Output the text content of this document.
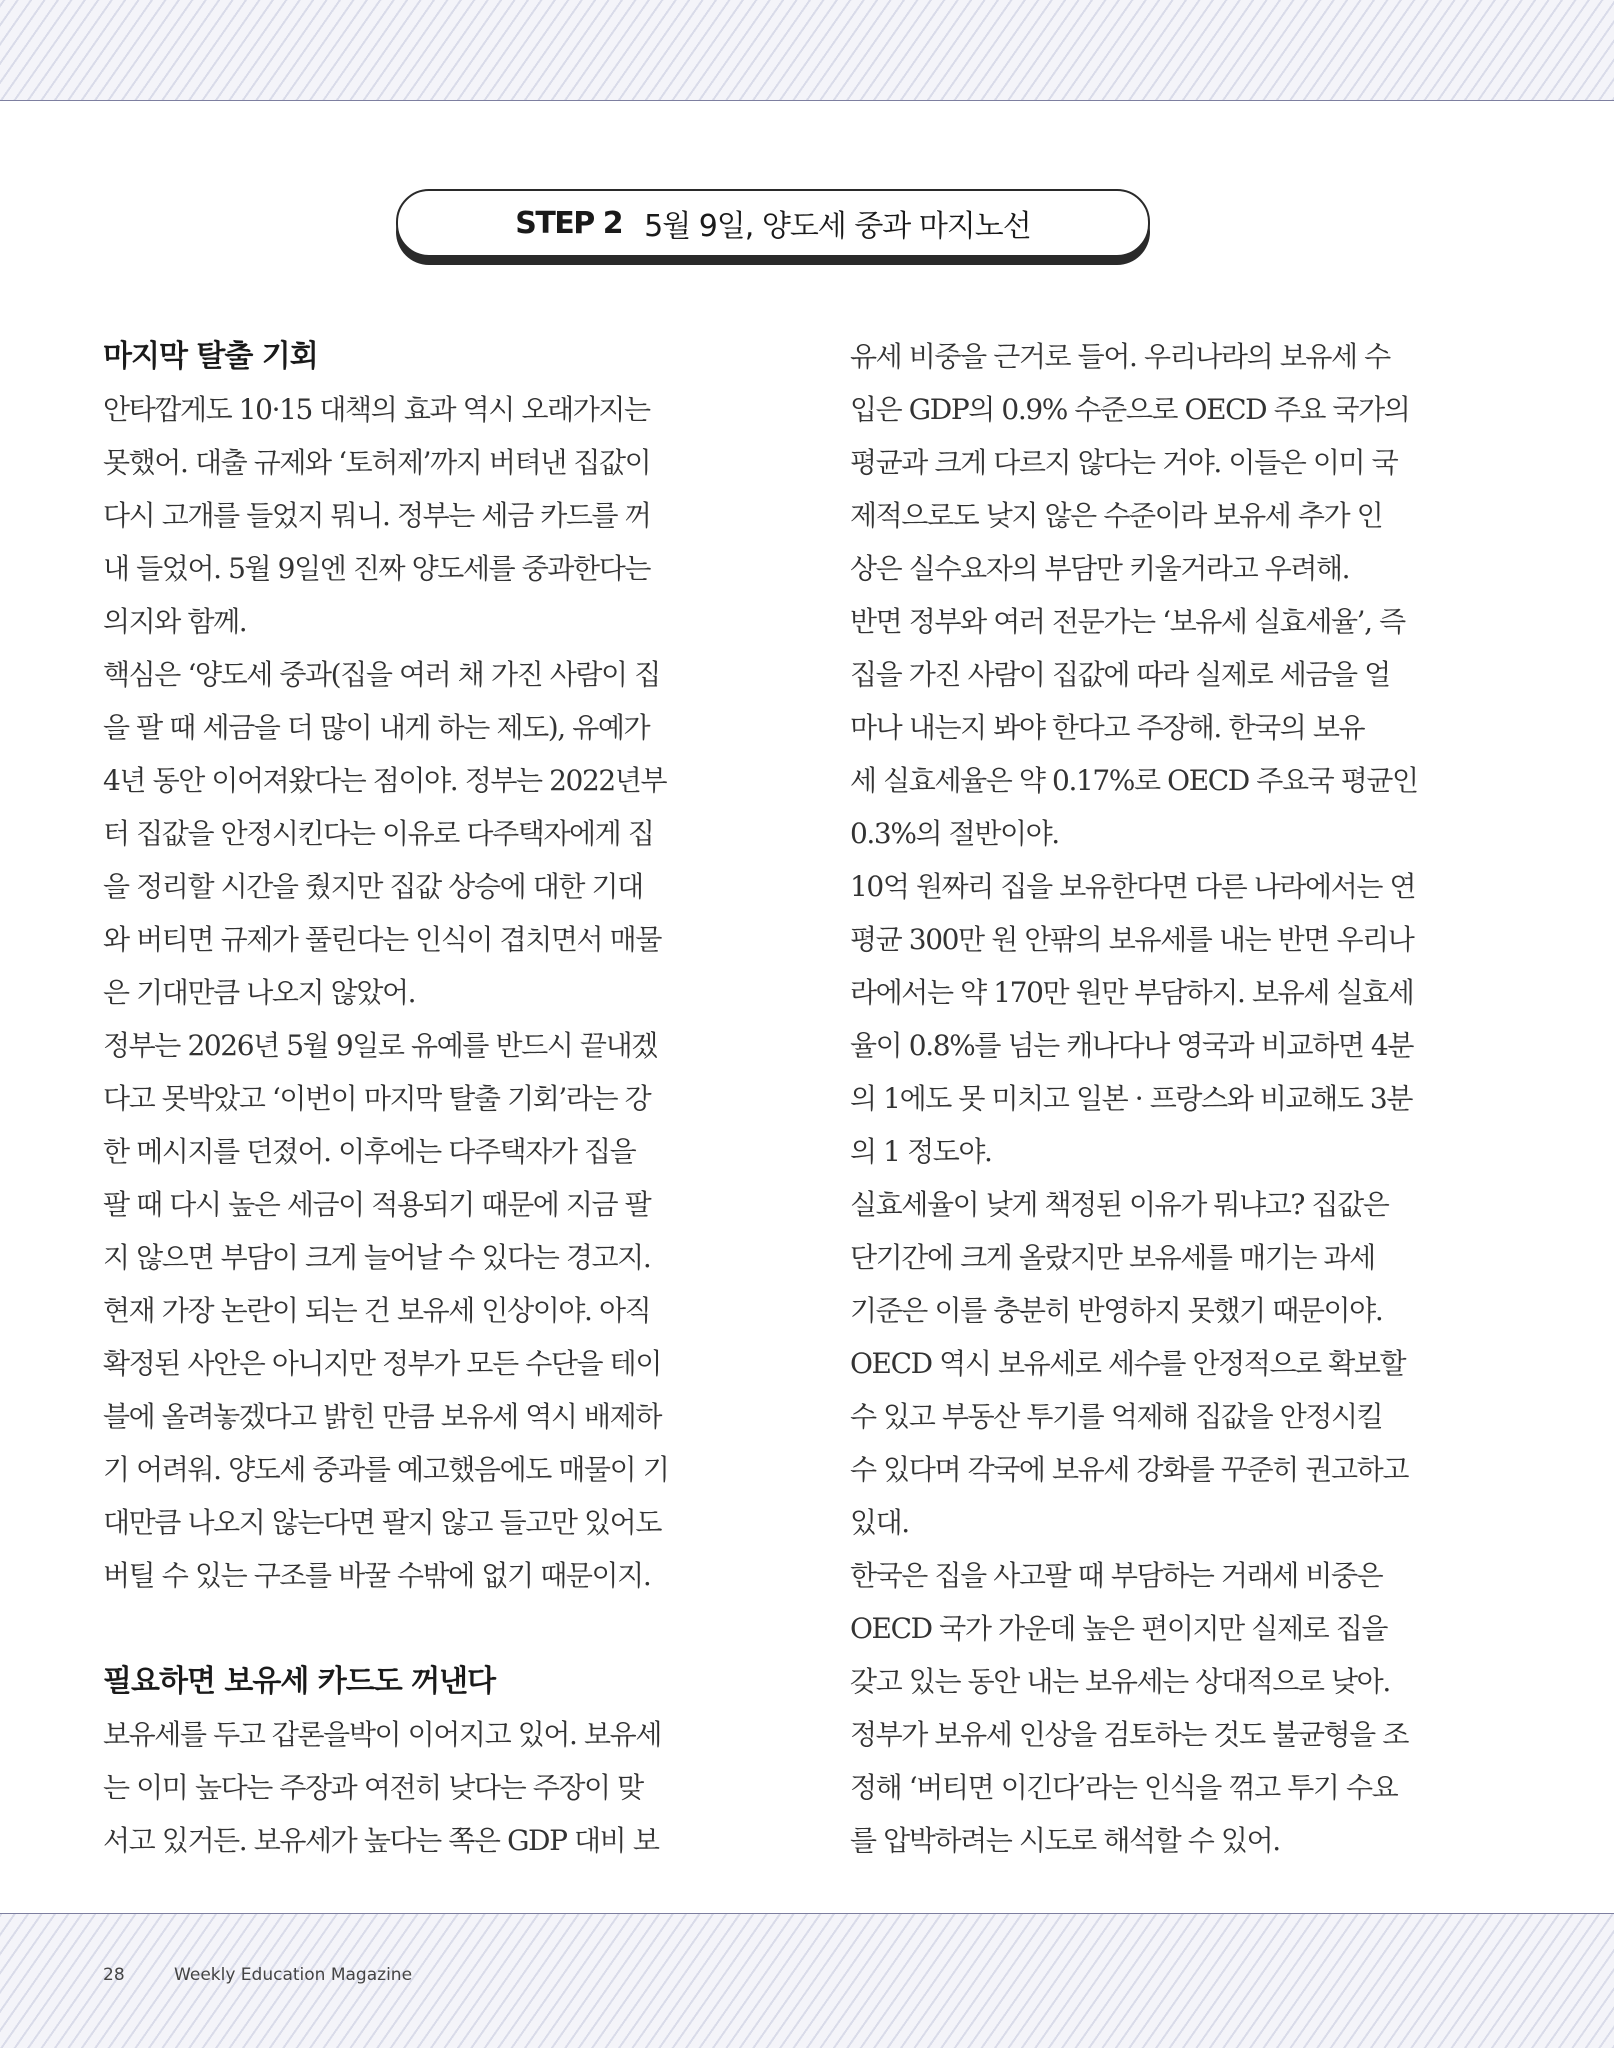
STEP 2 5월 9일, 양도세 중과 마지노선
마지막 탈출 기회

안타깝게도 10·15 대책의 효과 역시 오래가지는
못했어. 대출 규제와 ‘토허제’까지 버텨낸 집값이
다시 고개를 들었지 뭐니. 정부는 세금 카드를 꺼
내 들었어. 5월 9일엔 진짜 양도세를 중과한다는
의지와 함께.

핵심은 ‘양도세 중과(집을 여러 채 가진 사람이 집
을 팔 때 세금을 더 많이 내게 하는 제도), 유예가
4년 동안 이어져왔다는 점이야. 정부는 2022년부
터 집값을 안정시킨다는 이유로 다주택자에게 집
을 정리할 시간을 줬지만 집값 상승에 대한 기대
와 버티면 규제가 풀린다는 인식이 겹치면서 매물
은 기대만큼 나오지 않았어.

정부는 2026년 5월 9일로 유예를 반드시 끝내겠
다고 못박았고 ‘이번이 마지막 탈출 기회’라는 강
한 메시지를 던졌어. 이후에는 다주택자가 집을
팔 때 다시 높은 세금이 적용되기 때문에 지금 팔
지 않으면 부담이 크게 늘어날 수 있다는 경고지.

현재 가장 논란이 되는 건 보유세 인상이야. 아직
확정된 사안은 아니지만 정부가 모든 수단을 테이
블에 올려놓겠다고 밝힌 만큼 보유세 역시 배제하
기 어려워. 양도세 중과를 예고했음에도 매물이 기
대만큼 나오지 않는다면 팔지 않고 들고만 있어도
버틸 수 있는 구조를 바꿀 수밖에 없기 때문이지.

필요하면 보유세 카드도 꺼낸다

보유세를 두고 갑론을박이 이어지고 있어. 보유세
는 이미 높다는 주장과 여전히 낮다는 주장이 맞
서고 있거든. 보유세가 높다는 쪽은 GDP 대비 보

유세 비중을 근거로 들어. 우리나라의 보유세 수
입은 GDP의 0.9% 수준으로 OECD 주요 국가의
평균과 크게 다르지 않다는 거야. 이들은 이미 국
제적으로도 낮지 않은 수준이라 보유세 추가 인
상은 실수요자의 부담만 키울거라고 우려해.

반면 정부와 여러 전문가는 ‘보유세 실효세율’, 즉
집을 가진 사람이 집값에 따라 실제로 세금을 얼
마나 내는지 봐야 한다고 주장해. 한국의 보유
세 실효세율은 약 0.17%로 OECD 주요국 평균인
0.3%의 절반이야.

10억 원짜리 집을 보유한다면 다른 나라에서는 연
평균 300만 원 안팎의 보유세를 내는 반면 우리나
라에서는 약 170만 원만 부담하지. 보유세 실효세
율이 0.8%를 넘는 캐나다나 영국과 비교하면 4분
의 1에도 못 미치고 일본 · 프랑스와 비교해도 3분
의 1 정도야.

실효세율이 낮게 책정된 이유가 뭐냐고? 집값은
단기간에 크게 올랐지만 보유세를 매기는 과세
기준은 이를 충분히 반영하지 못했기 때문이야.
OECD 역시 보유세로 세수를 안정적으로 확보할
수 있고 부동산 투기를 억제해 집값을 안정시킬
수 있다며 각국에 보유세 강화를 꾸준히 권고하고
있대.

한국은 집을 사고팔 때 부담하는 거래세 비중은
OECD 국가 가운데 높은 편이지만 실제로 집을
갖고 있는 동안 내는 보유세는 상대적으로 낮아.
정부가 보유세 인상을 검토하는 것도 불균형을 조
정해 ‘버티면 이긴다’라는 인식을 꺾고 투기 수요
를 압박하려는 시도로 해석할 수 있어.

28	Weekly Education Magazine
